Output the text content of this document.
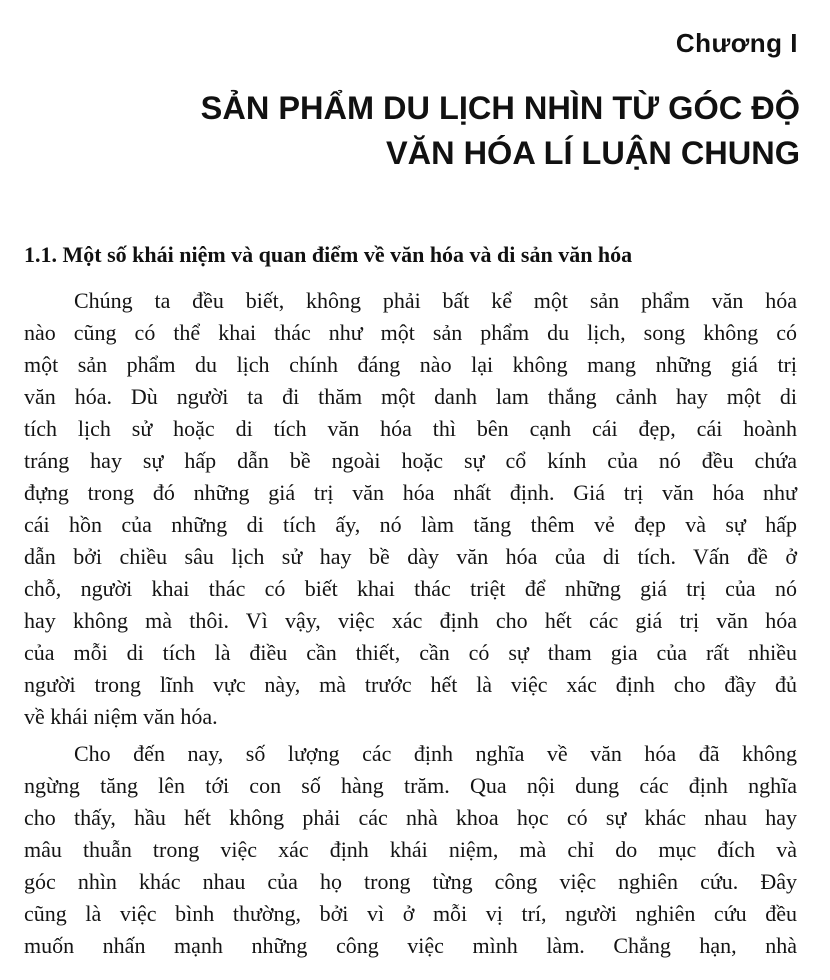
Chương I
SẢN PHẨM DU LỊCH NHÌN TỪ GÓC ĐỘ
VĂN HÓA LÍ LUẬN CHUNG
1.1. Một số khái niệm và quan điểm về văn hóa và di sản văn hóa
Chúng ta đều biết, không phải bất kể một sản phẩm văn hóa
nào cũng có thể khai thác như một sản phẩm du lịch, song không có
một sản phẩm du lịch chính đáng nào lại không mang những giá trị
văn hóa. Dù người ta đi thăm một danh lam thắng cảnh hay một di
tích lịch sử hoặc di tích văn hóa thì bên cạnh cái đẹp, cái hoành
tráng hay sự hấp dẫn bề ngoài hoặc sự cổ kính của nó đều chứa
đựng trong đó những giá trị văn hóa nhất định. Giá trị văn hóa như
cái hồn của những di tích ấy, nó làm tăng thêm vẻ đẹp và sự hấp
dẫn bởi chiều sâu lịch sử hay bề dày văn hóa của di tích. Vấn đề ở
chỗ, người khai thác có biết khai thác triệt để những giá trị của nó
hay không mà thôi. Vì vậy, việc xác định cho hết các giá trị văn hóa
của mỗi di tích là điều cần thiết, cần có sự tham gia của rất nhiều
người trong lĩnh vực này, mà trước hết là việc xác định cho đầy đủ
về khái niệm văn hóa.
Cho đến nay, số lượng các định nghĩa về văn hóa đã không
ngừng tăng lên tới con số hàng trăm. Qua nội dung các định nghĩa
cho thấy, hầu hết không phải các nhà khoa học có sự khác nhau hay
mâu thuẫn trong việc xác định khái niệm, mà chỉ do mục đích và
góc nhìn khác nhau của họ trong từng công việc nghiên cứu. Đây
cũng là việc bình thường, bởi vì ở mỗi vị trí, người nghiên cứu đều
muốn nhấn mạnh những công việc mình làm. Chẳng hạn, nhà
